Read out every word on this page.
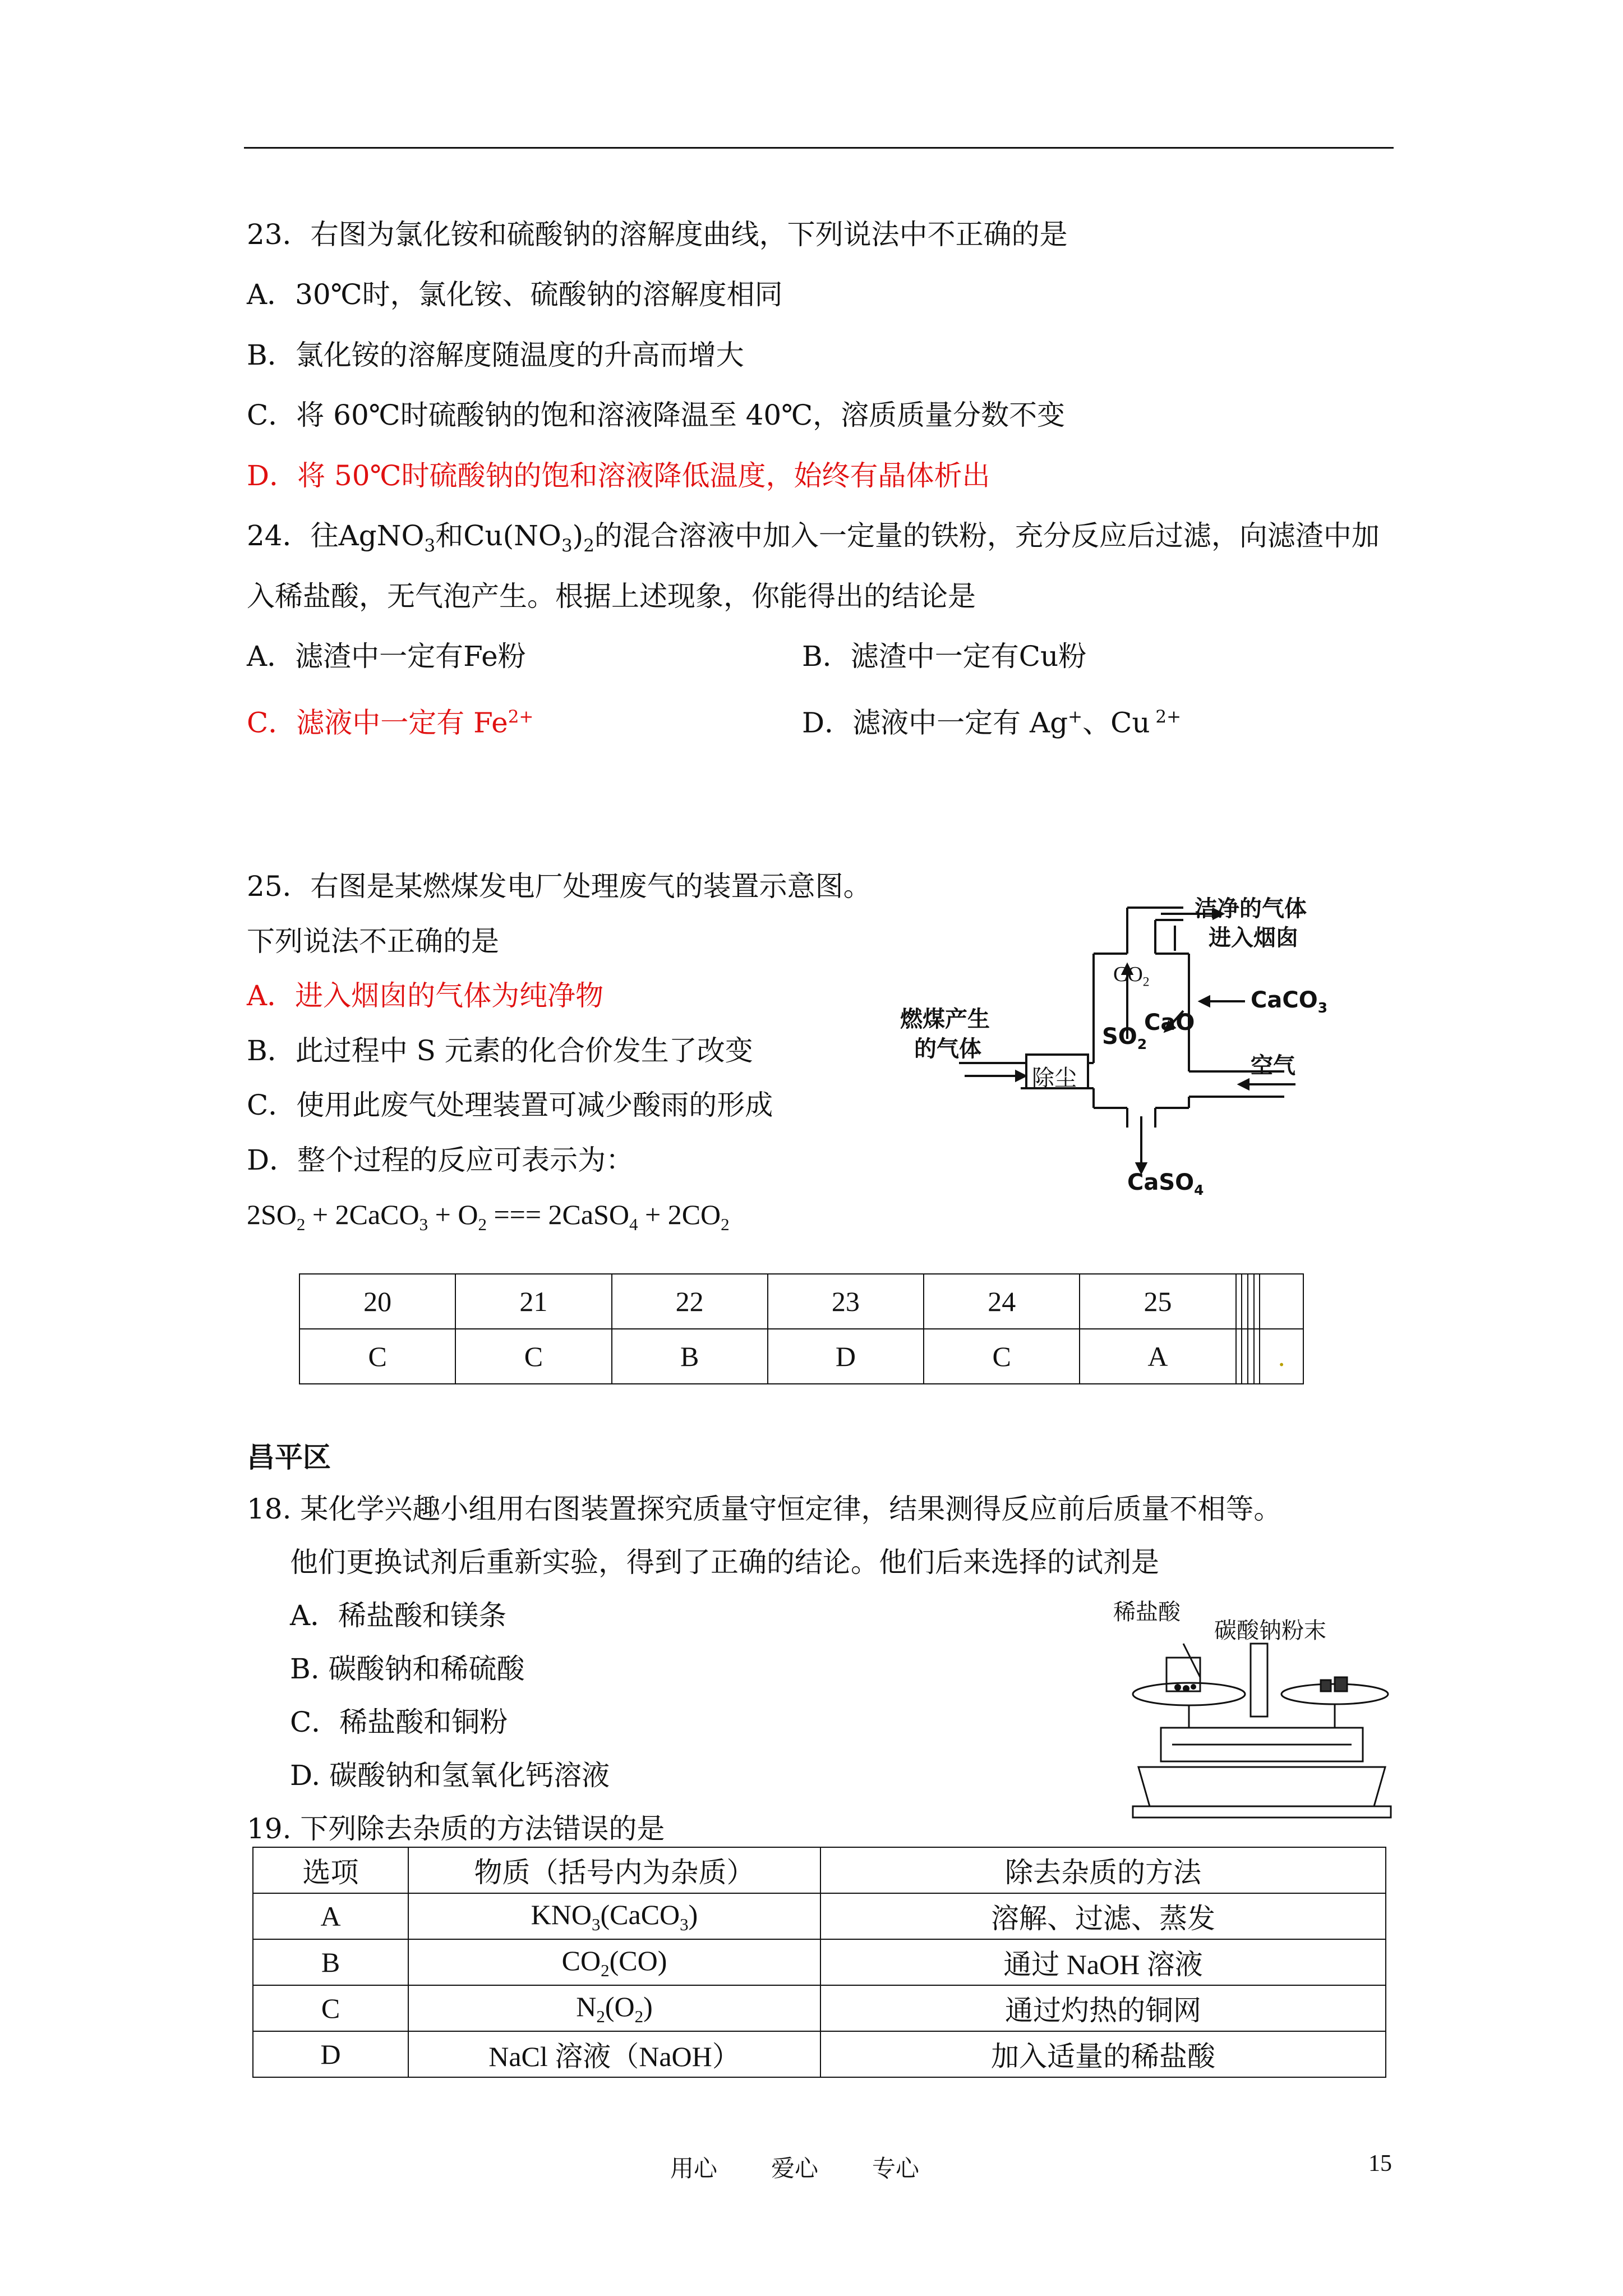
23．右图为氯化铵和硫酸钠的溶解度曲线，下列说法中不正确的是
A．30℃时，氯化铵、硫酸钠的溶解度相同
B．氯化铵的溶解度随温度的升高而增大
C．将 60℃时硫酸钠的饱和溶液降温至 40℃，溶质质量分数不变
D．将 50℃时硫酸钠的饱和溶液降低温度，始终有晶体析出
24．往AgNO$_3$和$Cu(NO_3)_2$的混合溶液中加入一定量的铁粉，充分反应后过滤，向滤渣中加
入稀盐酸，无气泡产生。根据上述现象，你能得出的结论是
A．滤渣中一定有Fe粉	B．滤渣中一定有Cu粉
C．滤液中一定有 $Fe^{2+}$	D．滤液中一定有 Ag+、Cu $^{2+}$
25．右图是某燃煤发电厂处理废气的装置示意图。
下列说法不正确的是
A．进入烟囱的气体为纯净物
B．此过程中 S 元素的化合价发生了改变
C．使用此废气处理装置可减少酸雨的形成
D．整个过程的反应可表示为：
$2SO_2$ + 2CaCO$_3$ + $O_2$ === 2CaSO$_4$ + $2CO_2$
洁净的气体
进入烟囱
$CO_2$
CaCO$_3$
CaO
$SO_2$
燃煤产生
的气体
除尘	空气
CaSO$_4$
20	21	22	23	24	25					
C	C	B	D	C	A					.
昌平区
18. 某化学兴趣小组用右图装置探究质量守恒定律，结果测得反应前后质量不相等。
他们更换试剂后重新实验，得到了正确的结论。他们后来选择的试剂是
A．稀盐酸和镁条
B. 碳酸钠和稀硫酸
C．稀盐酸和铜粉
D. 碳酸钠和氢氧化钙溶液
稀盐酸
碳酸钠粉末
19. 下列除去杂质的方法错误的是
选项	物质（括号内为杂质）	除去杂质的方法
A	$KNO_3(CaCO_3)$	溶解、过滤、蒸发
B	$CO_2(CO)$	通过 NaOH 溶液
C	$N_2(O_2)$	通过灼热的铜网
D	NaCl 溶液（NaOH）	加入适量的稀盐酸
用心 爱心 专心	15
